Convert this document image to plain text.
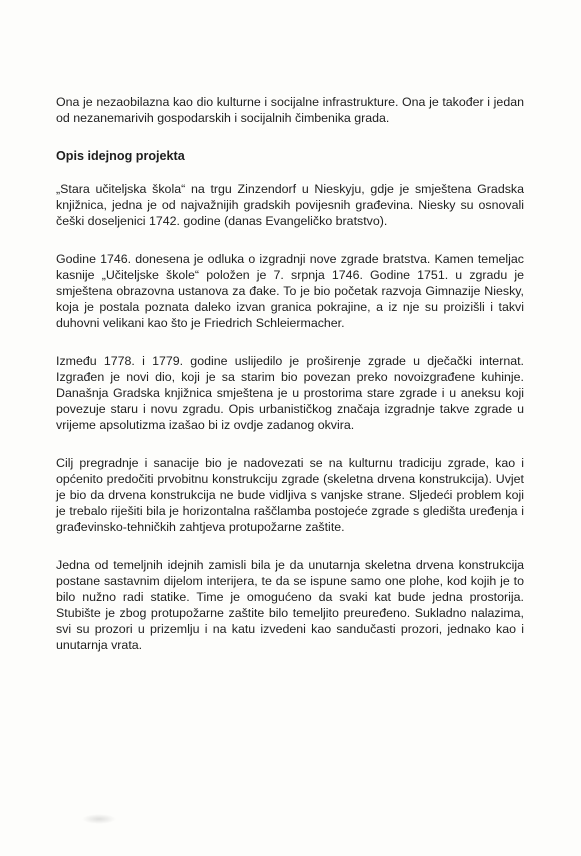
Ona je nezaobilazna kao dio kulturne i socijalne infrastrukture. Ona je također i jedan od nezanemarivih gospodarskih i socijalnih čimbenika grada.

Opis idejnog projekta

„Stara učiteljska škola“ na trgu Zinzendorf u Nieskyju, gdje je smještena Gradska knjižnica, jedna je od najvažnijih gradskih povijesnih građevina. Niesky su osnovali češki doseljenici 1742. godine (danas Evangeličko bratstvo).

Godine 1746. donesena je odluka o izgradnji nove zgrade bratstva. Kamen temeljac kasnije „Učiteljske škole“ položen je 7. srpnja 1746. Godine 1751. u zgradu je smještena obrazovna ustanova za đake. To je bio početak razvoja Gimnazije Niesky, koja je postala poznata daleko izvan granica pokrajine, a iz nje su proizišli i takvi duhovni velikani kao što je Friedrich Schleiermacher.

Između 1778. i 1779. godine uslijedilo je proširenje zgrade u dječački internat. Izgrađen je novi dio, koji je sa starim bio povezan preko novoizgrađene kuhinje. Današnja Gradska knjižnica smještena je u prostorima stare zgrade i u aneksu koji povezuje staru i novu zgradu. Opis urbanističkog značaja izgradnje takve zgrade u vrijeme apsolutizma izašao bi iz ovdje zadanog okvira.

Cilj pregradnje i sanacije bio je nadovezati se na kulturnu tradiciju zgrade, kao i općenito predočiti prvobitnu konstrukciju zgrade (skeletna drvena konstrukcija). Uvjet je bio da drvena konstrukcija ne bude vidljiva s vanjske strane. Sljedeći problem koji je trebalo riješiti bila je horizontalna raščlamba postojeće zgrade s gledišta uređenja i građevinsko-tehničkih zahtjeva protupožarne zaštite.

Jedna od temeljnih idejnih zamisli bila je da unutarnja skeletna drvena konstrukcija postane sastavnim dijelom interijera, te da se ispune samo one plohe, kod kojih je to bilo nužno radi statike. Time je omogućeno da svaki kat bude jedna prostorija. Stubište je zbog protupožarne zaštite bilo temeljito preuređeno. Sukladno nalazima, svi su prozori u prizemlju i na katu izvedeni kao sandučasti prozori, jednako kao i unutarnja vrata.
